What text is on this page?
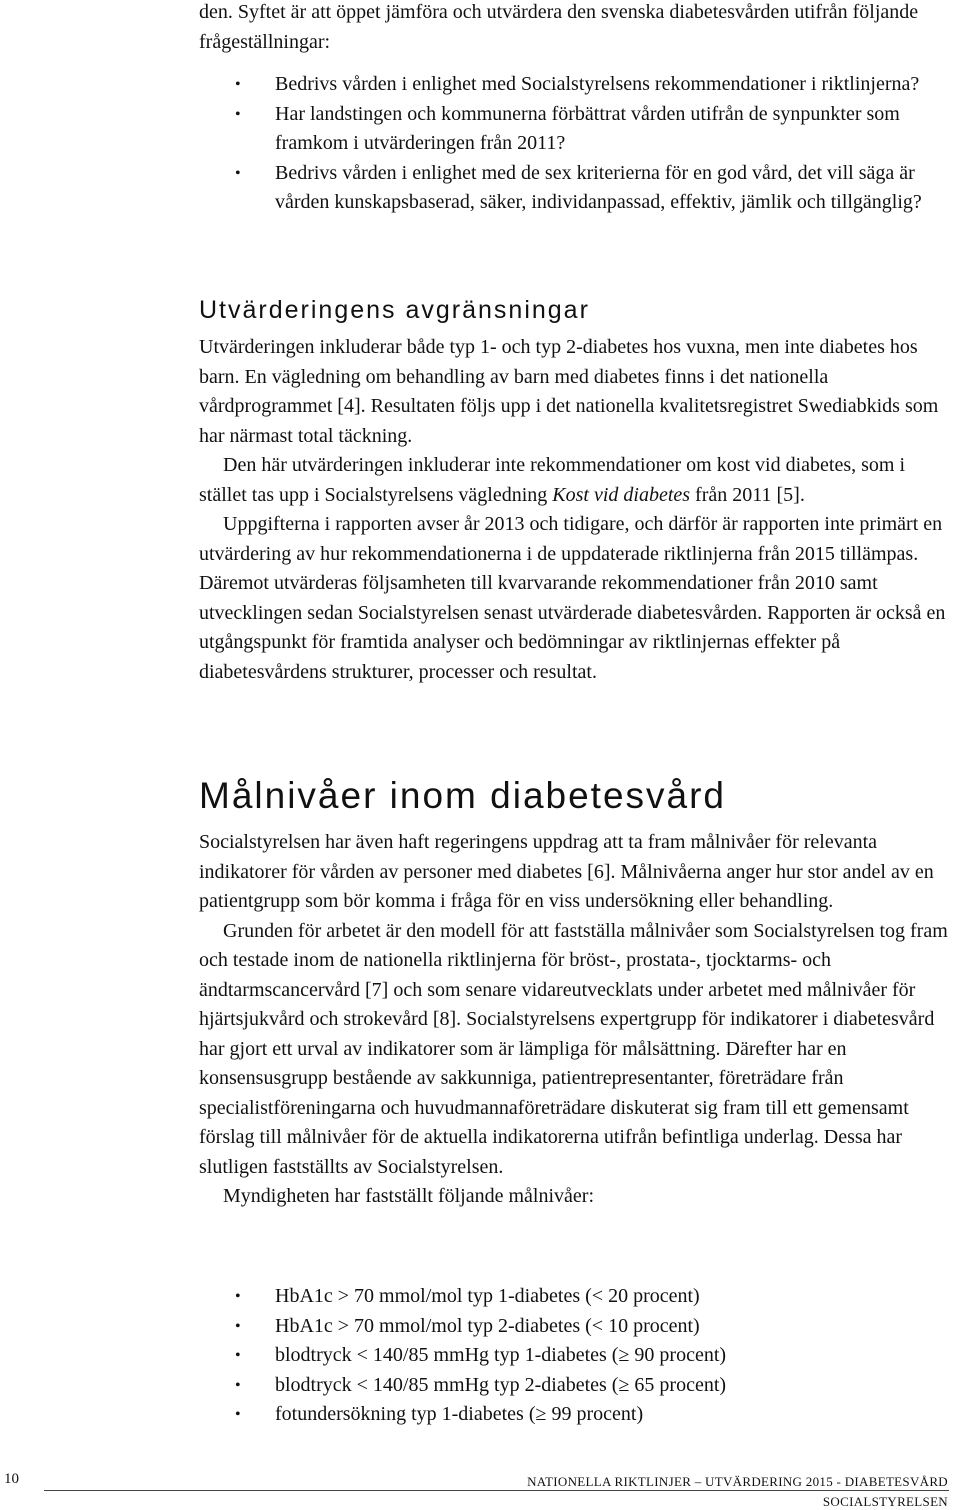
den. Syftet är att öppet jämföra och utvärdera den svenska diabetesvården utifrån följande frågeställningar:

• Bedrivs vården i enlighet med Socialstyrelsens rekommendationer i riktlinjerna?
• Har landstingen och kommunerna förbättrat vården utifrån de synpunkter som framkom i utvärderingen från 2011?
• Bedrivs vården i enlighet med de sex kriterierna för en god vård, det vill säga är vården kunskapsbaserad, säker, individanpassad, effektiv, jämlik och tillgänglig?
Utvärderingens avgränsningar

Utvärderingen inkluderar både typ 1- och typ 2-diabetes hos vuxna, men inte diabetes hos barn. En vägledning om behandling av barn med diabetes finns i det nationella vårdprogrammet [4]. Resultaten följs upp i det nationella kvalitetsregistret Swediabkids som har närmast total täckning.

Den här utvärderingen inkluderar inte rekommendationer om kost vid diabetes, som i stället tas upp i Socialstyrelsens vägledning Kost vid diabetes från 2011 [5].

Uppgifterna i rapporten avser år 2013 och tidigare, och därför är rapporten inte primärt en utvärdering av hur rekommendationerna i de uppdaterade riktlinjerna från 2015 tillämpas. Däremot utvärderas följsamheten till kvarvarande rekommendationer från 2010 samt utvecklingen sedan Socialstyrelsen senast utvärderade diabetesvården. Rapporten är också en utgångspunkt för framtida analyser och bedömningar av riktlinjernas effekter på diabetesvårdens strukturer, processer och resultat.

Målnivåer inom diabetesvård

Socialstyrelsen har även haft regeringens uppdrag att ta fram målnivåer för relevanta indikatorer för vården av personer med diabetes [6]. Målnivåerna anger hur stor andel av en patientgrupp som bör komma i fråga för en viss undersökning eller behandling.

Grunden för arbetet är den modell för att fastställa målnivåer som Socialstyrelsen tog fram och testade inom de nationella riktlinjerna för bröst-, prostata-, tjocktarms- och ändtarmscancervård [7] och som senare vidareutvecklats under arbetet med målnivåer för hjärtsjukvård och strokevård [8]. Socialstyrelsens expertgrupp för indikatorer i diabetesvård har gjort ett urval av indikatorer som är lämpliga för målsättning. Därefter har en konsensusgrupp bestående av sakkunniga, patientrepresentanter, företrädare från specialistföreningarna och huvudmannaföreträdare diskuterat sig fram till ett gemensamt förslag till målnivåer för de aktuella indikatorerna utifrån befintliga underlag. Dessa har slutligen fastställts av Socialstyrelsen.

Myndigheten har fastställt följande målnivåer:

• HbA1c > 70 mmol/mol typ 1-diabetes (< 20 procent)
• HbA1c > 70 mmol/mol typ 2-diabetes (< 10 procent)
• blodtryck < 140/85 mmHg typ 1-diabetes (≥ 90 procent)
• blodtryck < 140/85 mmHg typ 2-diabetes (≥ 65 procent)
• fotundersökning typ 1-diabetes (≥ 99 procent)
10	NATIONELLA RIKTLINJER – UTVÄRDERING 2015 - DIABETESVÅRD
SOCIALSTYRELSEN
